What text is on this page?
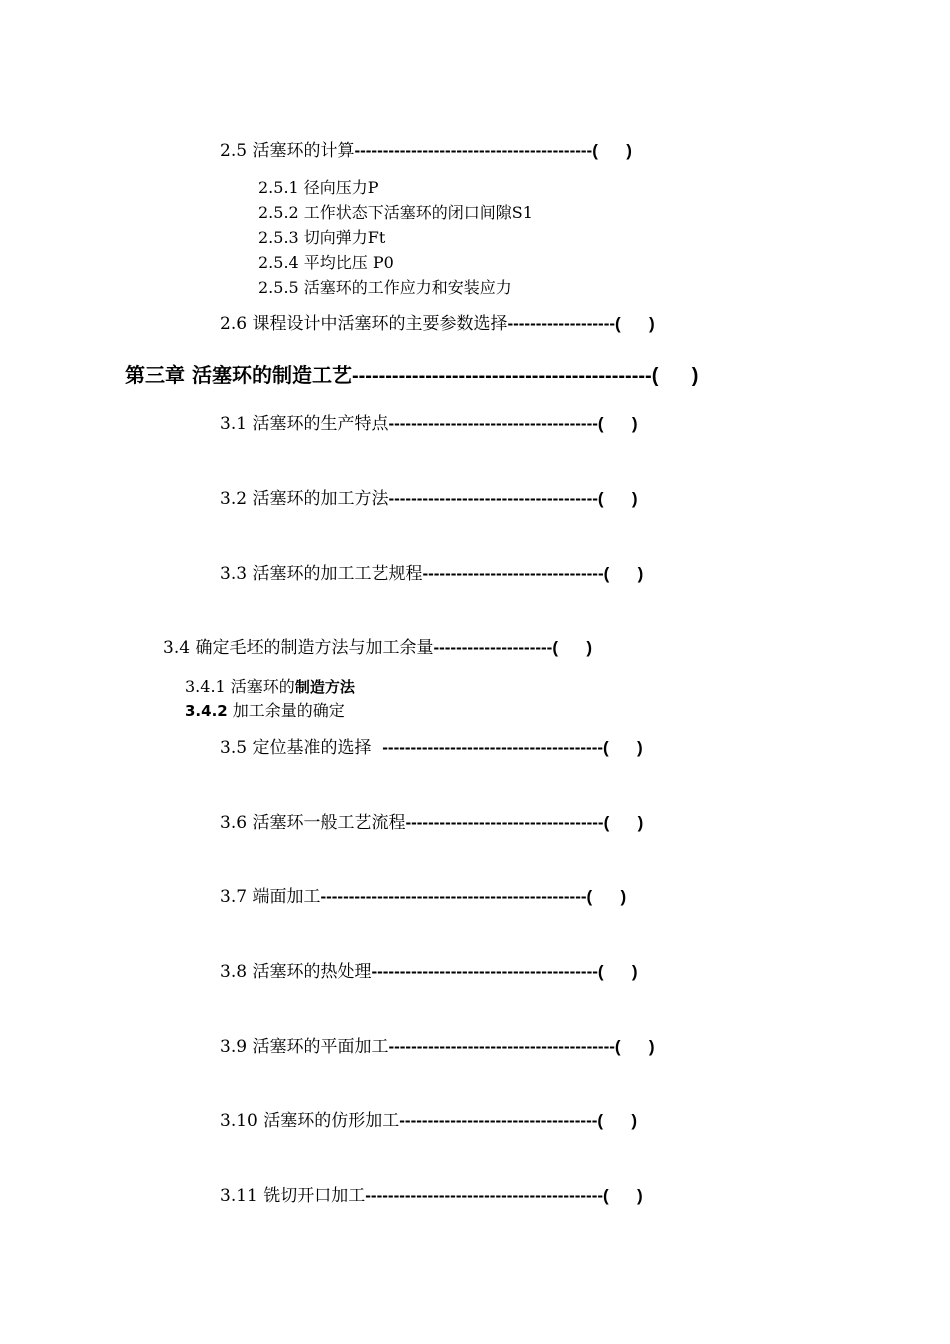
2.5 活塞环的计算------------------------------------------(      )
2.5.1 径向压力P
2.5.2 工作状态下活塞环的闭口间隙S1
2.5.3 切向弹力Ft
2.5.4 平均比压 P0
2.5.5 活塞环的工作应力和安装应力
2.6 课程设计中活塞环的主要参数选择-------------------(      )
第三章 活塞环的制造工艺---------------------------------------------(      )
3.1 活塞环的生产特点-------------------------------------(      )
3.2 活塞环的加工方法-------------------------------------(      )
3.3 活塞环的加工工艺规程--------------------------------(      )
3.4 确定毛坯的制造方法与加工余量---------------------(      )
3.4.1 活塞环的制造方法
3.4.2 加工余量的确定
3.5 定位基准的选择  ---------------------------------------(      )
3.6 活塞环一般工艺流程-----------------------------------(      )
3.7 端面加工-----------------------------------------------(      )
3.8 活塞环的热处理----------------------------------------(      )
3.9 活塞环的平面加工----------------------------------------(      )
3.10 活塞环的仿形加工-----------------------------------(      )
3.11 铣切开口加工------------------------------------------(      )
